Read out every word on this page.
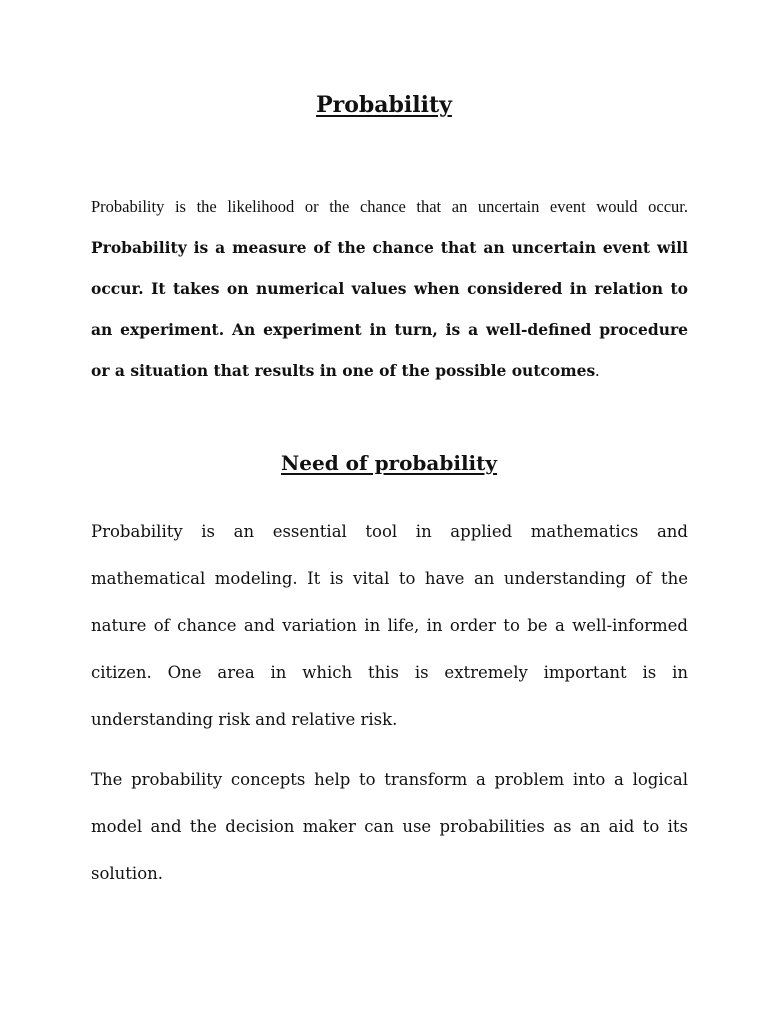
Probability

Probability is the likelihood or the chance that an uncertain event would occur. Probability is a measure of the chance that an uncertain event will occur. It takes on numerical values when considered in relation to an experiment. An experiment in turn, is a well-defined procedure or a situation that results in one of the possible outcomes.

Need of probability

Probability is an essential tool in applied mathematics and mathematical modeling. It is vital to have an understanding of the nature of chance and variation in life, in order to be a well-informed citizen. One area in which this is extremely important is in understanding risk and relative risk.

The probability concepts help to transform a problem into a logical model and the decision maker can use probabilities as an aid to its solution.
